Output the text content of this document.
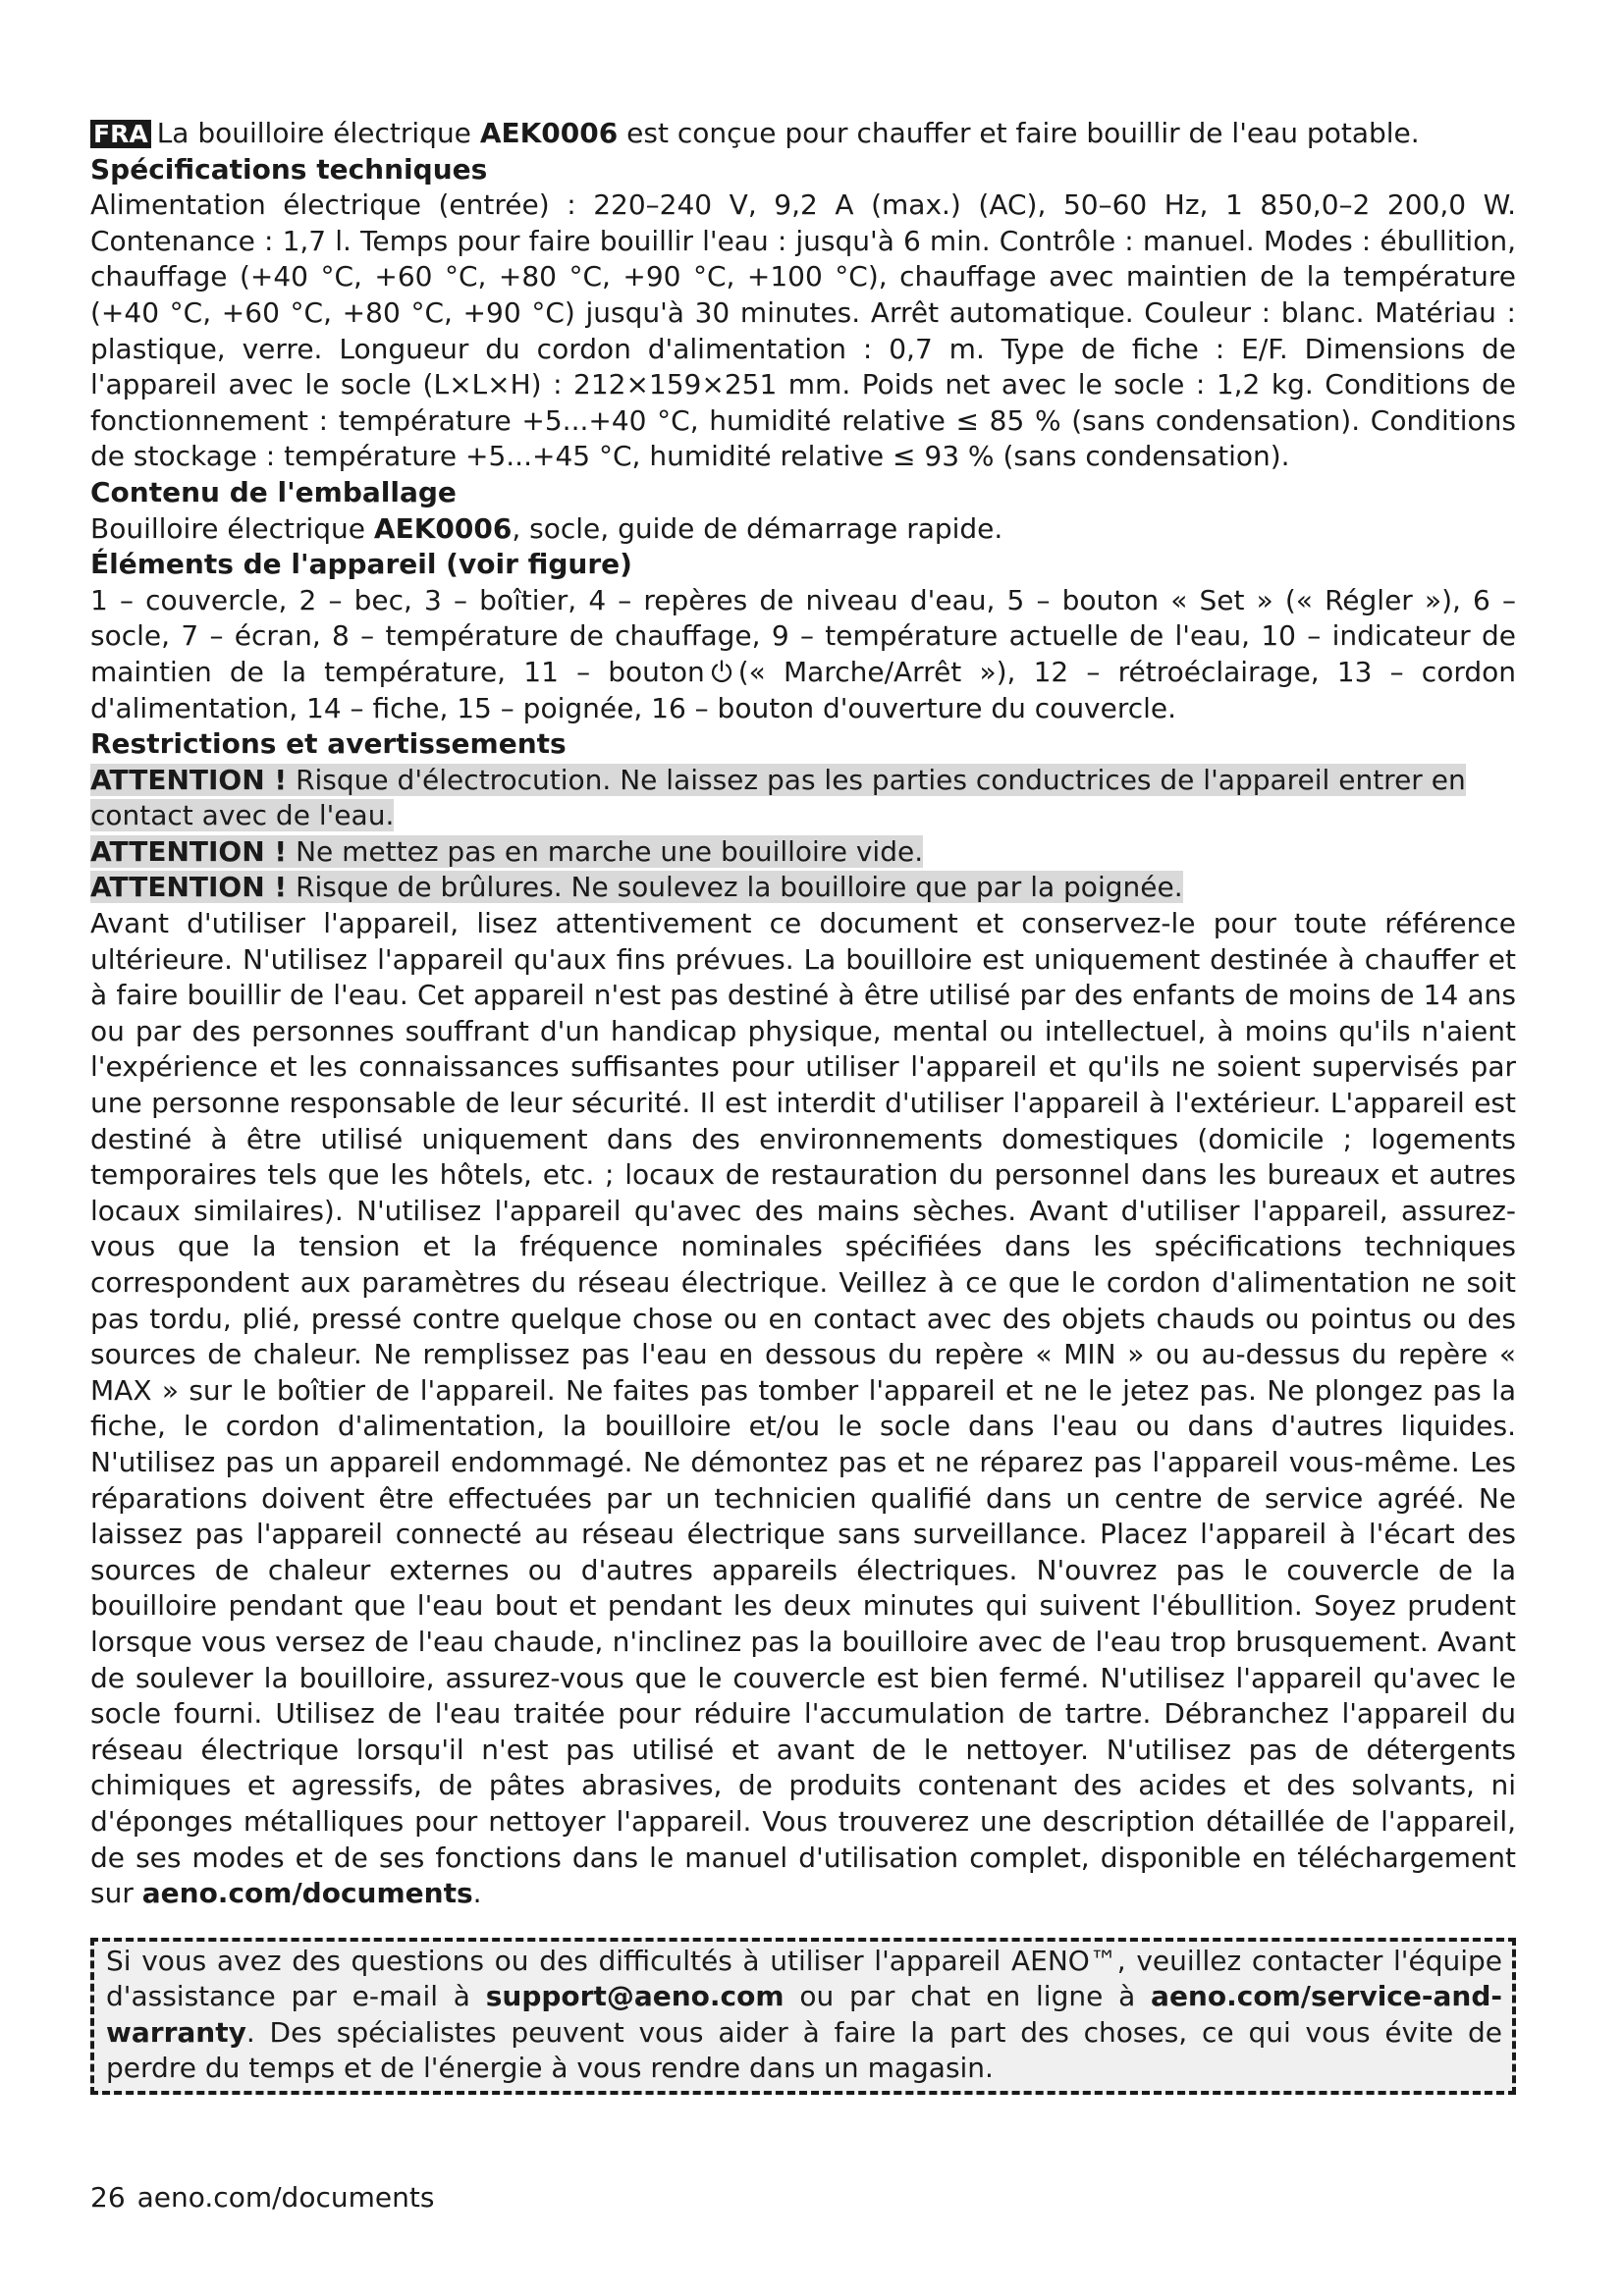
FRA La bouilloire électrique AEK0006 est conçue pour chauffer et faire bouillir de l'eau potable.

Spécifications techniques

Alimentation électrique (entrée) : 220–240 V, 9,2 A (max.) (AC), 50–60 Hz, 1 850,0–2 200,0 W. Contenance : 1,7 l. Temps pour faire bouillir l'eau : jusqu'à 6 min. Contrôle : manuel. Modes : ébullition, chauffage (+40 °C, +60 °C, +80 °C, +90 °C, +100 °C), chauffage avec maintien de la température (+40 °C, +60 °C, +80 °C, +90 °C) jusqu'à 30 minutes. Arrêt automatique. Couleur : blanc. Matériau : plastique, verre. Longueur du cordon d'alimentation : 0,7 m. Type de fiche : E/F. Dimensions de l'appareil avec le socle (L×L×H) : 212×159×251 mm. Poids net avec le socle : 1,2 kg. Conditions de fonctionnement : température +5...+40 °C, humidité relative ≤ 85 % (sans condensation). Conditions de stockage : température +5...+45 °C, humidité relative ≤ 93 % (sans condensation).

Contenu de l'emballage

Bouilloire électrique AEK0006, socle, guide de démarrage rapide.

Éléments de l'appareil (voir figure)

1 – couvercle, 2 – bec, 3 – boîtier, 4 – repères de niveau d'eau, 5 – bouton « Set » (« Régler »), 6 – socle, 7 – écran, 8 – température de chauffage, 9 – température actuelle de l'eau, 10 – indicateur de maintien de la température, 11 – bouton (« Marche/Arrêt »), 12 – rétroéclairage, 13 – cordon d'alimentation, 14 – fiche, 15 – poignée, 16 – bouton d'ouverture du couvercle.

Restrictions et avertissements

ATTENTION ! Risque d'électrocution. Ne laissez pas les parties conductrices de l'appareil entrer en contact avec de l'eau.

ATTENTION ! Ne mettez pas en marche une bouilloire vide.

ATTENTION ! Risque de brûlures. Ne soulevez la bouilloire que par la poignée.

Avant d'utiliser l'appareil, lisez attentivement ce document et conservez-le pour toute référence ultérieure. N'utilisez l'appareil qu'aux fins prévues. La bouilloire est uniquement destinée à chauffer et à faire bouillir de l'eau. Cet appareil n'est pas destiné à être utilisé par des enfants de moins de 14 ans ou par des personnes souffrant d'un handicap physique, mental ou intellectuel, à moins qu'ils n'aient l'expérience et les connaissances suffisantes pour utiliser l'appareil et qu'ils ne soient supervisés par une personne responsable de leur sécurité. Il est interdit d'utiliser l'appareil à l'extérieur. L'appareil est destiné à être utilisé uniquement dans des environnements domestiques (domicile ; logements temporaires tels que les hôtels, etc. ; locaux de restauration du personnel dans les bureaux et autres locaux similaires). N'utilisez l'appareil qu'avec des mains sèches. Avant d'utiliser l'appareil, assurez-vous que la tension et la fréquence nominales spécifiées dans les spécifications techniques correspondent aux paramètres du réseau électrique. Veillez à ce que le cordon d'alimentation ne soit pas tordu, plié, pressé contre quelque chose ou en contact avec des objets chauds ou pointus ou des sources de chaleur. Ne remplissez pas l'eau en dessous du repère « MIN » ou au-dessus du repère « MAX » sur le boîtier de l'appareil. Ne faites pas tomber l'appareil et ne le jetez pas. Ne plongez pas la fiche, le cordon d'alimentation, la bouilloire et/ou le socle dans l'eau ou dans d'autres liquides. N'utilisez pas un appareil endommagé. Ne démontez pas et ne réparez pas l'appareil vous-même. Les réparations doivent être effectuées par un technicien qualifié dans un centre de service agréé. Ne laissez pas l'appareil connecté au réseau électrique sans surveillance. Placez l'appareil à l'écart des sources de chaleur externes ou d'autres appareils électriques. N'ouvrez pas le couvercle de la bouilloire pendant que l'eau bout et pendant les deux minutes qui suivent l'ébullition. Soyez prudent lorsque vous versez de l'eau chaude, n'inclinez pas la bouilloire avec de l'eau trop brusquement. Avant de soulever la bouilloire, assurez-vous que le couvercle est bien fermé. N'utilisez l'appareil qu'avec le socle fourni. Utilisez de l'eau traitée pour réduire l'accumulation de tartre. Débranchez l'appareil du réseau électrique lorsqu'il n'est pas utilisé et avant de le nettoyer. N'utilisez pas de détergents chimiques et agressifs, de pâtes abrasives, de produits contenant des acides et des solvants, ni d'éponges métalliques pour nettoyer l'appareil. Vous trouverez une description détaillée de l'appareil, de ses modes et de ses fonctions dans le manuel d'utilisation complet, disponible en téléchargement sur aeno.com/documents.

Si vous avez des questions ou des difficultés à utiliser l'appareil AENO™, veuillez contacter l'équipe d'assistance par e-mail à support@aeno.com ou par chat en ligne à aeno.com/service-and-warranty. Des spécialistes peuvent vous aider à faire la part des choses, ce qui vous évite de perdre du temps et de l'énergie à vous rendre dans un magasin.
26 aeno.com/documents
